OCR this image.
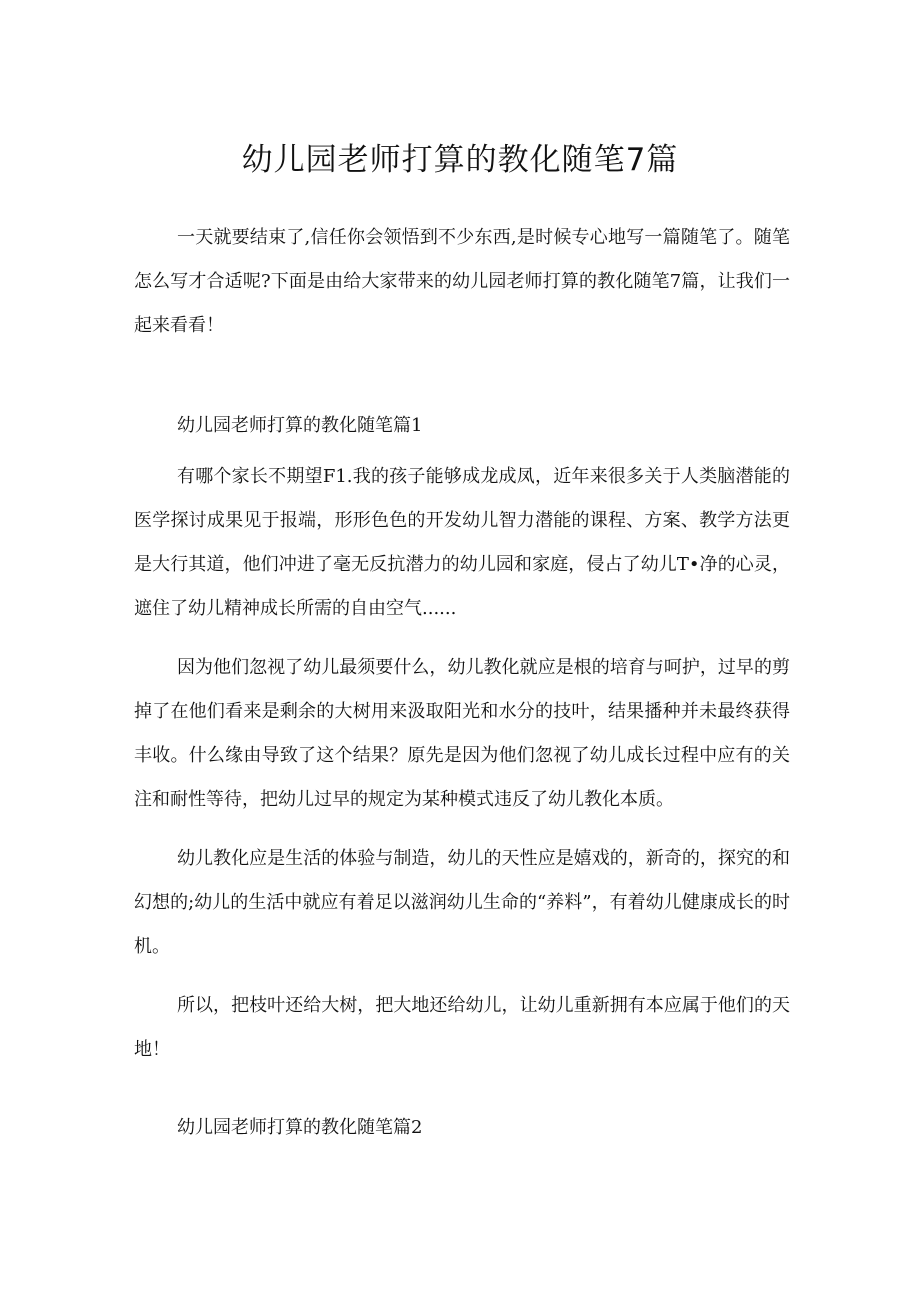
幼儿园老师打算的教化随笔7篇

一天就要结束了,信任你会领悟到不少东西,是时候专心地写一篇随笔了。随笔怎么写才合适呢?下面是由给大家带来的幼儿园老师打算的教化随笔7篇，让我们一起来看看！

幼儿园老师打算的教化随笔篇1

有哪个家长不期望F1.我的孩子能够成龙成凤，近年来很多关于人类脑潜能的医学探讨成果见于报端，形形色色的开发幼儿智力潜能的课程、方案、教学方法更是大行其道，他们冲进了毫无反抗潜力的幼儿园和家庭，侵占了幼儿T•净的心灵，遮住了幼儿精神成长所需的自由空气......

因为他们忽视了幼儿最须要什么，幼儿教化就应是根的培育与呵护，过早的剪掉了在他们看来是剩余的大树用来汲取阳光和水分的技叶，结果播种并未最终获得丰收。什么缘由导致了这个结果？原先是因为他们忽视了幼儿成长过程中应有的关注和耐性等待，把幼儿过早的规定为某种模式违反了幼儿教化本质。

幼儿教化应是生活的体验与制造，幼儿的天性应是嬉戏的，新奇的，探究的和幻想的;幼儿的生活中就应有着足以滋润幼儿生命的“养料”，有着幼儿健康成长的时机。

所以，把枝叶还给大树，把大地还给幼儿，让幼儿重新拥有本应属于他们的天地！

幼儿园老师打算的教化随笔篇2
